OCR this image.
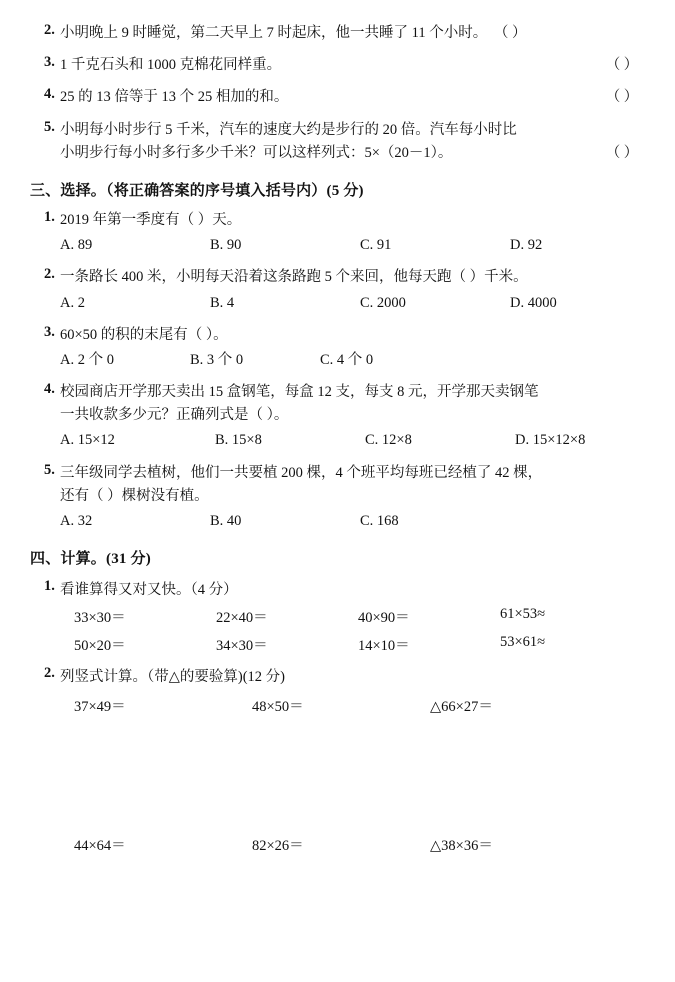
2. 小明晚上 9 时睡觉，第二天早上 7 时起床，他一共睡了 11 个小时。 （ ）
3. 1 千克石头和 1000 克棉花同样重。	（ ）
4. 25 的 13 倍等于 13 个 25 相加的和。	（ ）
5. 小明每小时步行 5 千米，汽车的速度大约是步行的 20 倍。汽车每小时比
小明步行每小时多行多少千米？可以这样列式：5×（20－1）。	（ ）
三、选择。（将正确答案的序号填入括号内）(5 分)
1. 2019 年第一季度有（ ）天。
A. 89	B. 90	C. 91	D. 92
2. 一条路长 400 米，小明每天沿着这条路跑 5 个来回，他每天跑（ ）千米。
A. 2	B. 4	C. 2000	D. 4000
3. 60×50 的积的末尾有（ ）。
A. 2 个 0	B. 3 个 0	C. 4 个 0
4. 校园商店开学那天卖出 15 盒钢笔，每盒 12 支，每支 8 元，开学那天卖钢笔
一共收款多少元？正确列式是（ ）。
A. 15×12	B. 15×8	C. 12×8	D. 15×12×8
5. 三年级同学去植树，他们一共要植 200 棵，4 个班平均每班已经植了 42 棵，
还有（ ）棵树没有植。
A. 32	B. 40	C. 168
四、计算。(31 分)
1. 看谁算得又对又快。（4 分）
33×30＝	22×40＝	40×90＝	61×53≈
50×20＝	34×30＝	14×10＝	53×61≈
2. 列竖式计算。（带△的要验算)(12 分)
37×49＝	48×50＝	△66×27＝
44×64＝	82×26＝	△38×36＝
